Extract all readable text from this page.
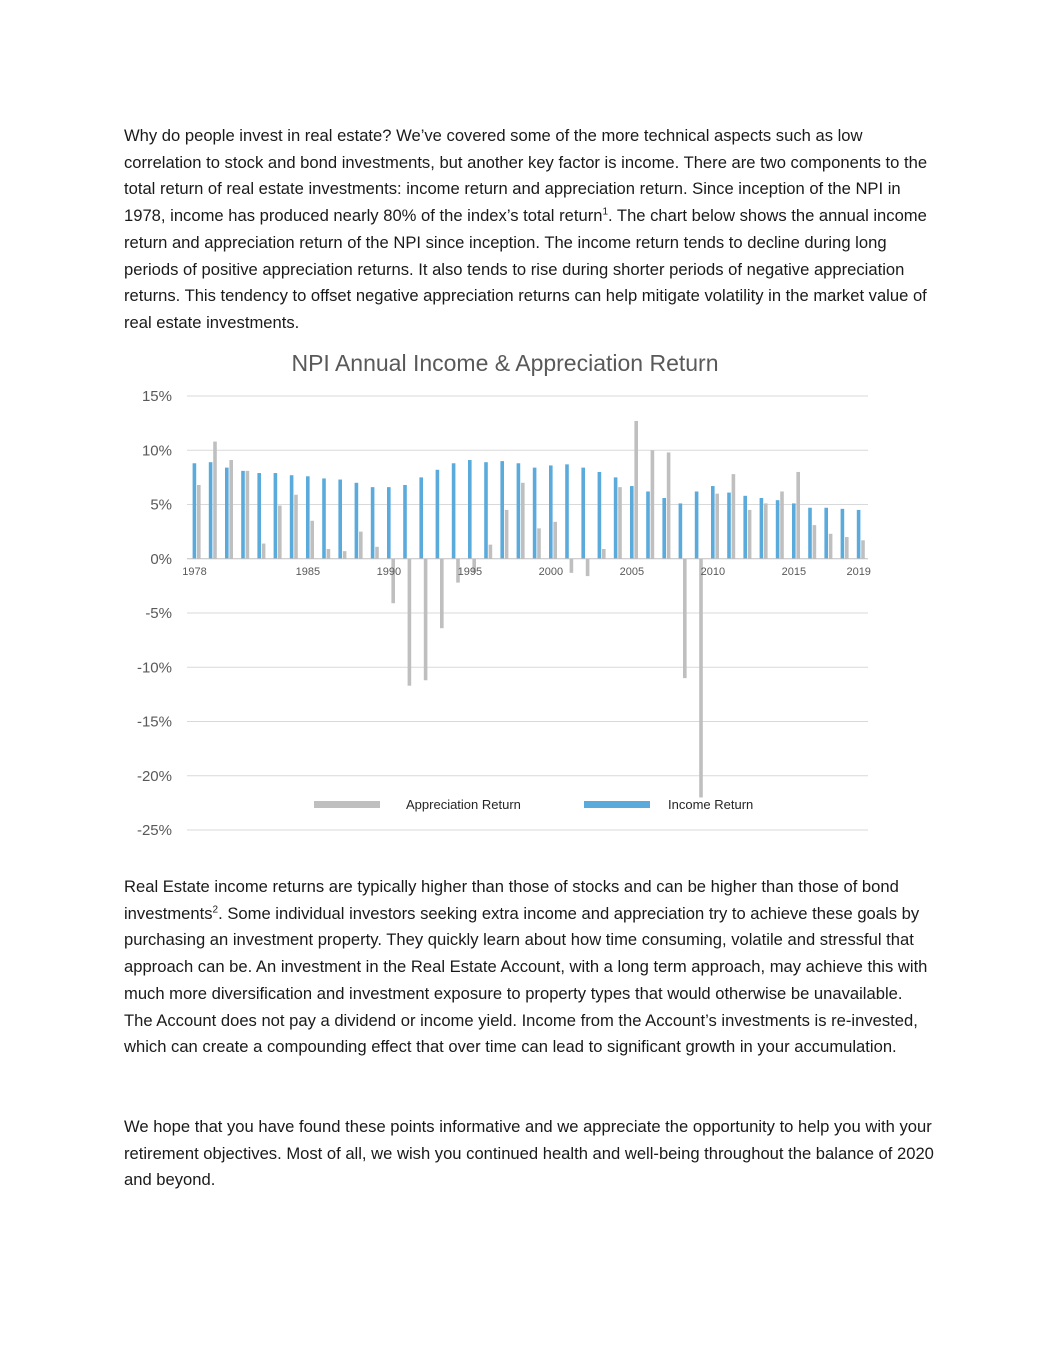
Why do people invest in real estate? We’ve covered some of the more technical aspects such as low correlation to stock and bond investments, but another key factor is income. There are two components to the total return of real estate investments: income return and appreciation return. Since inception of the NPI in 1978, income has produced nearly 80% of the index’s total return$^1$. The chart below shows the annual income return and appreciation return of the NPI since inception. The income return tends to decline during long periods of positive appreciation returns. It also tends to rise during shorter periods of negative appreciation returns. This tendency to offset negative appreciation returns can help mitigate volatility in the market value of real estate investments.

NPI Annual Income & Appreciation Return
15%
10%
5%
0%
-5%
-10%
-15%
-20%
-25%
1978	1985	1990	1995	2000	2005	2010	2015	2019
Appreciation Return	Income Return

Real Estate income returns are typically higher than those of stocks and can be higher than those of bond investments$^2$. Some individual investors seeking extra income and appreciation try to achieve these goals by purchasing an investment property. They quickly learn about how time consuming, volatile and stressful that approach can be. An investment in the Real Estate Account, with a long term approach, may achieve this with much more diversification and investment exposure to property types that would otherwise be unavailable. The Account does not pay a dividend or income yield. Income from the Account’s investments is re-invested, which can create a compounding effect that over time can lead to significant growth in your accumulation.

We hope that you have found these points informative and we appreciate the opportunity to help you with your retirement objectives. Most of all, we wish you continued health and well-being throughout the balance of 2020 and beyond.
